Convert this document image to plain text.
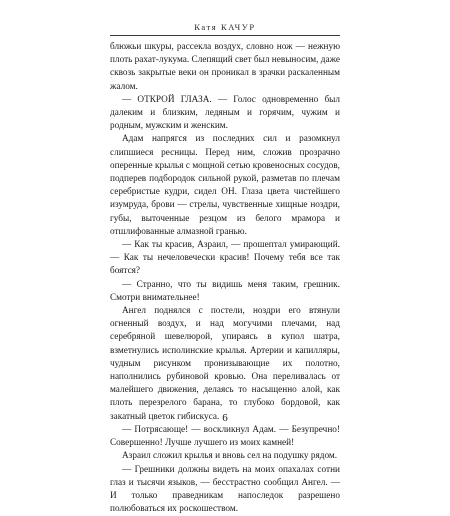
Катя КАЧУР

блюжьи шкуры, рассекла воздух, словно нож — нежную плоть рахат-лукума. Слепящий свет был невыносим, даже сквозь закрытые веки он проникал в зрачки раскаленным жалом.

— ОТКРОЙ ГЛАЗА. — Голос одновременно был далеким и близким, ледяным и горячим, чужим и родным, мужским и женским.

Адам напрягся из последних сил и разомкнул слипшиеся ресницы. Перед ним, сложив прозрачно оперенные крылья с мощной сетью кровеносных сосудов, подперев подбородок сильной рукой, разметав по плечам серебристые кудри, сидел ОН. Глаза цвета чистейшего изумруда, брови — стрелы, чувственные хищные ноздри, губы, выточенные резцом из белого мрамора и отшлифованные алмазной гранью.

— Как ты красив, Азраил, — прошептал умирающий. — Как ты нечеловечески красив! Почему тебя все так боятся?

— Странно, что ты видишь меня таким, грешник. Смотри внимательнее!

Ангел поднялся с постели, ноздри его втянули огненный воздух, и над могучими плечами, над серебряной шевелюрой, упираясь в купол шатра, взметнулись исполинские крылья. Артерии и капилляры, чудным рисунком пронизывающие их полотно, наполнились рубиновой кровью. Она переливалась от малейшего движения, делаясь то насыщенно алой, как плоть перезрелого барана, то глубоко бордовой, как закатный цветок гибискуса.

— Потрясающе! — воскликнул Адам. — Безупречно! Совершенно! Лучше лучшего из моих камней!

Азраил сложил крылья и вновь сел на подушку рядом.

— Грешники должны видеть на моих опахалах сотни глаз и тысячи языков, — бесстрастно сообщил Ангел. — И только праведникам напоследок разрешено полюбоваться их роскошеством.

6
